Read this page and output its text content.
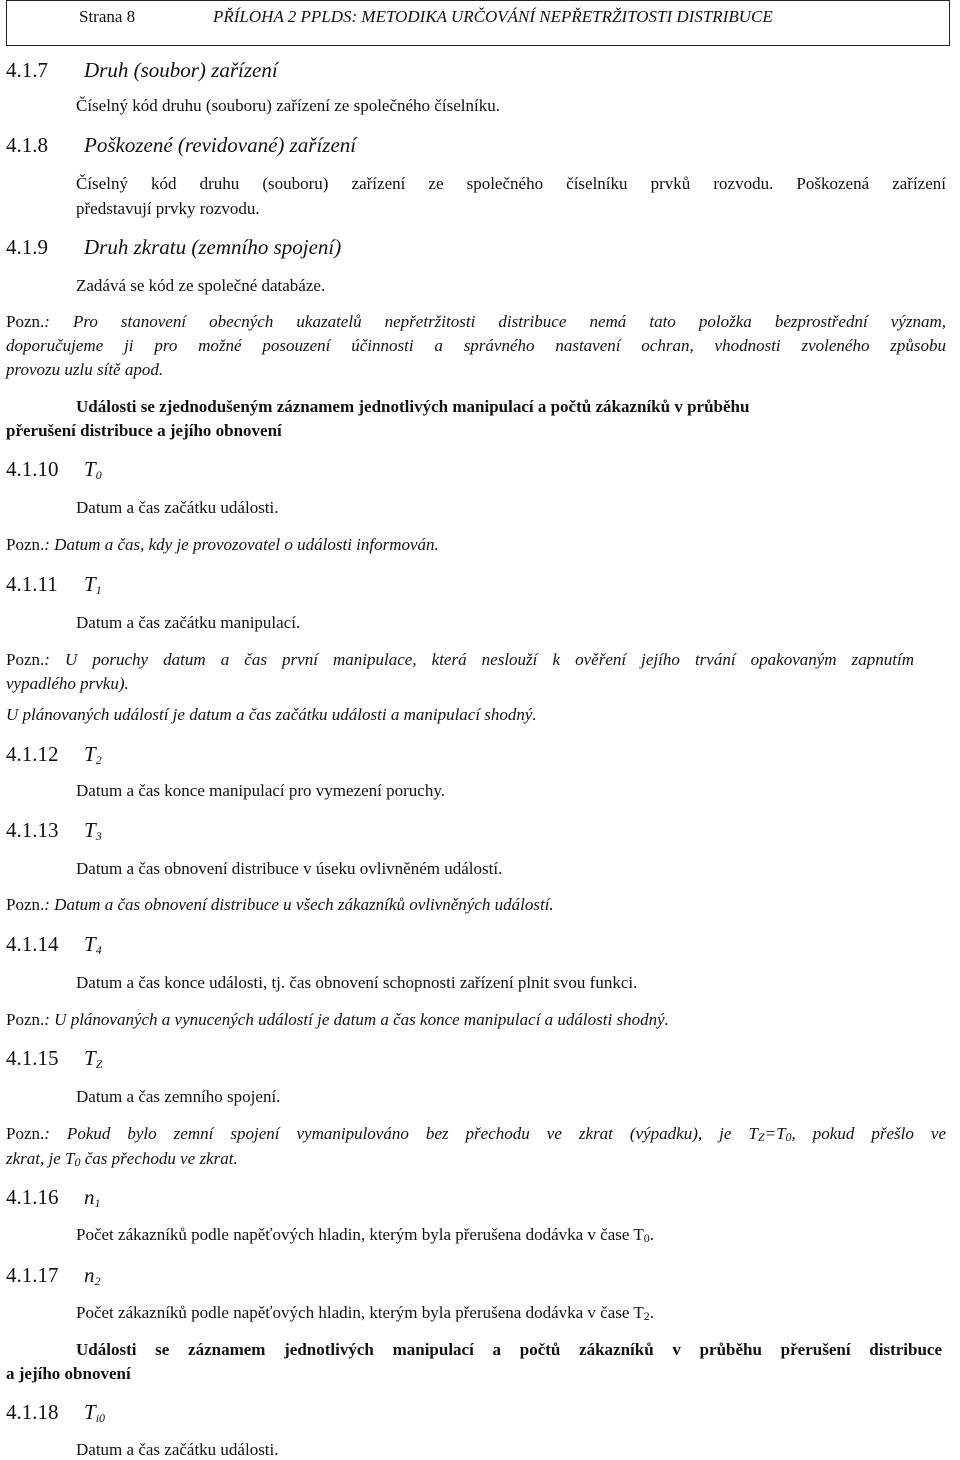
Strana 8	PŘÍLOHA 2 PPLDS: METODIKA URČOVÁNÍ NEPŘETRŽITOSTI DISTRIBUCE
4.1.7 Druh (soubor) zařízení
Číselný kód druhu (souboru) zařízení ze společného číselníku.
4.1.8 Poškozené (revidované) zařízení
Číselný kód druhu (souboru) zařízení ze společného číselníku prvků rozvodu. Poškozená zařízení
představují prvky rozvodu.
4.1.9 Druh zkratu (zemního spojení)
Zadává se kód ze společné databáze.
Pozn.: Pro stanovení obecných ukazatelů nepřetržitosti distribuce nemá tato položka bezprostřední význam,
doporučujeme ji pro možné posouzení účinnosti a správného nastavení ochran, vhodnosti zvoleného způsobu
provozu uzlu sítě apod.
Události se zjednodušeným záznamem jednotlivých manipulací a počtů zákazníků v průběhu
přerušení distribuce a jejího obnovení
4.1.10 T0
Datum a čas začátku události.
Pozn.: Datum a čas, kdy je provozovatel o události informován.
4.1.11 T1
Datum a čas začátku manipulací.
Pozn.: U poruchy datum a čas první manipulace, která neslouží k ověření jejího trvání opakovaným zapnutím
vypadlého prvku).
U plánovaných událostí je datum a čas začátku události a manipulací shodný.
4.1.12 T2
Datum a čas konce manipulací pro vymezení poruchy.
4.1.13 T3
Datum a čas obnovení distribuce v úseku ovlivněném událostí.
Pozn.: Datum a čas obnovení distribuce u všech zákazníků ovlivněných událostí.
4.1.14 T4
Datum a čas konce události, tj. čas obnovení schopnosti zařízení plnit svou funkci.
Pozn.: U plánovaných a vynucených událostí je datum a čas konce manipulací a události shodný.
4.1.15 TZ
Datum a čas zemního spojení.
Pozn.: Pokud bylo zemní spojení vymanipulováno bez přechodu ve zkrat (výpadku), je TZ=T0, pokud přešlo ve
zkrat, je T0 čas přechodu ve zkrat.
4.1.16 n1
Počet zákazníků podle napěťových hladin, kterým byla přerušena dodávka v čase T0.
4.1.17 n2
Počet zákazníků podle napěťových hladin, kterým byla přerušena dodávka v čase T2.
Události se záznamem jednotlivých manipulací a počtů zákazníků v průběhu přerušení distribuce
a jejího obnovení
4.1.18 Ti0
Datum a čas začátku události.
